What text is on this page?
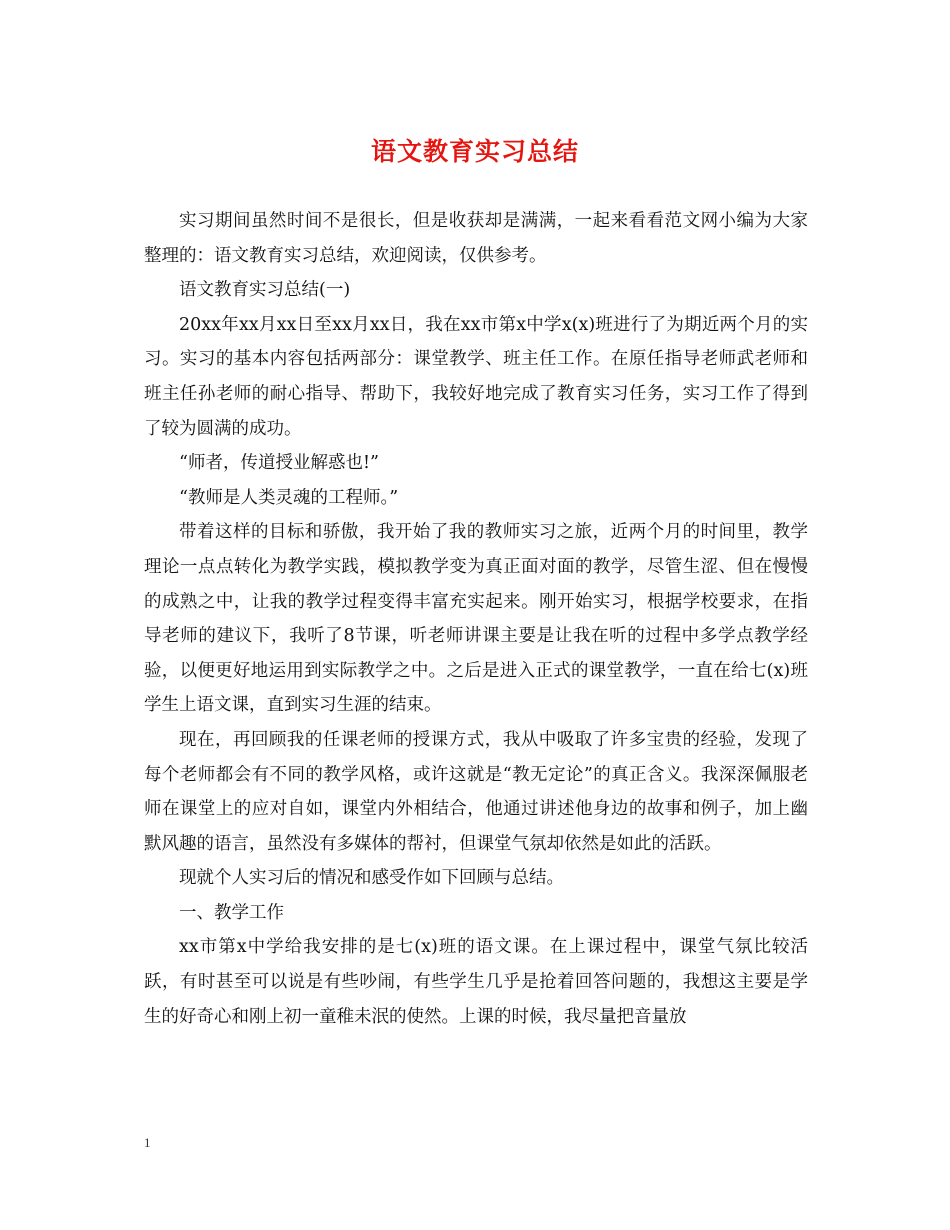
语文教育实习总结

实习期间虽然时间不是很长，但是收获却是满满，一起来看看范文网小编为大家整理的：语文教育实习总结，欢迎阅读，仅供参考。

语文教育实习总结(一)

20xx年xx月xx日至xx月xx日，我在xx市第x中学x(x)班进行了为期近两个月的实习。实习的基本内容包括两部分：课堂教学、班主任工作。在原任指导老师武老师和班主任孙老师的耐心指导、帮助下，我较好地完成了教育实习任务，实习工作了得到了较为圆满的成功。

“师者，传道授业解惑也!”

“教师是人类灵魂的工程师。”

带着这样的目标和骄傲，我开始了我的教师实习之旅，近两个月的时间里，教学理论一点点转化为教学实践，模拟教学变为真正面对面的教学，尽管生涩、但在慢慢的成熟之中，让我的教学过程变得丰富充实起来。刚开始实习，根据学校要求，在指导老师的建议下，我听了8节课，听老师讲课主要是让我在听的过程中多学点教学经验，以便更好地运用到实际教学之中。之后是进入正式的课堂教学，一直在给七(x)班学生上语文课，直到实习生涯的结束。

现在，再回顾我的任课老师的授课方式，我从中吸取了许多宝贵的经验，发现了每个老师都会有不同的教学风格，或许这就是“教无定论”的真正含义。我深深佩服老师在课堂上的应对自如，课堂内外相结合，他通过讲述他身边的故事和例子，加上幽默风趣的语言，虽然没有多媒体的帮衬，但课堂气氛却依然是如此的活跃。

现就个人实习后的情况和感受作如下回顾与总结。

一、教学工作

xx市第x中学给我安排的是七(x)班的语文课。在上课过程中，课堂气氛比较活跃，有时甚至可以说是有些吵闹，有些学生几乎是抢着回答问题的，我想这主要是学生的好奇心和刚上初一童稚未泯的使然。上课的时候，我尽量把音量放

1
